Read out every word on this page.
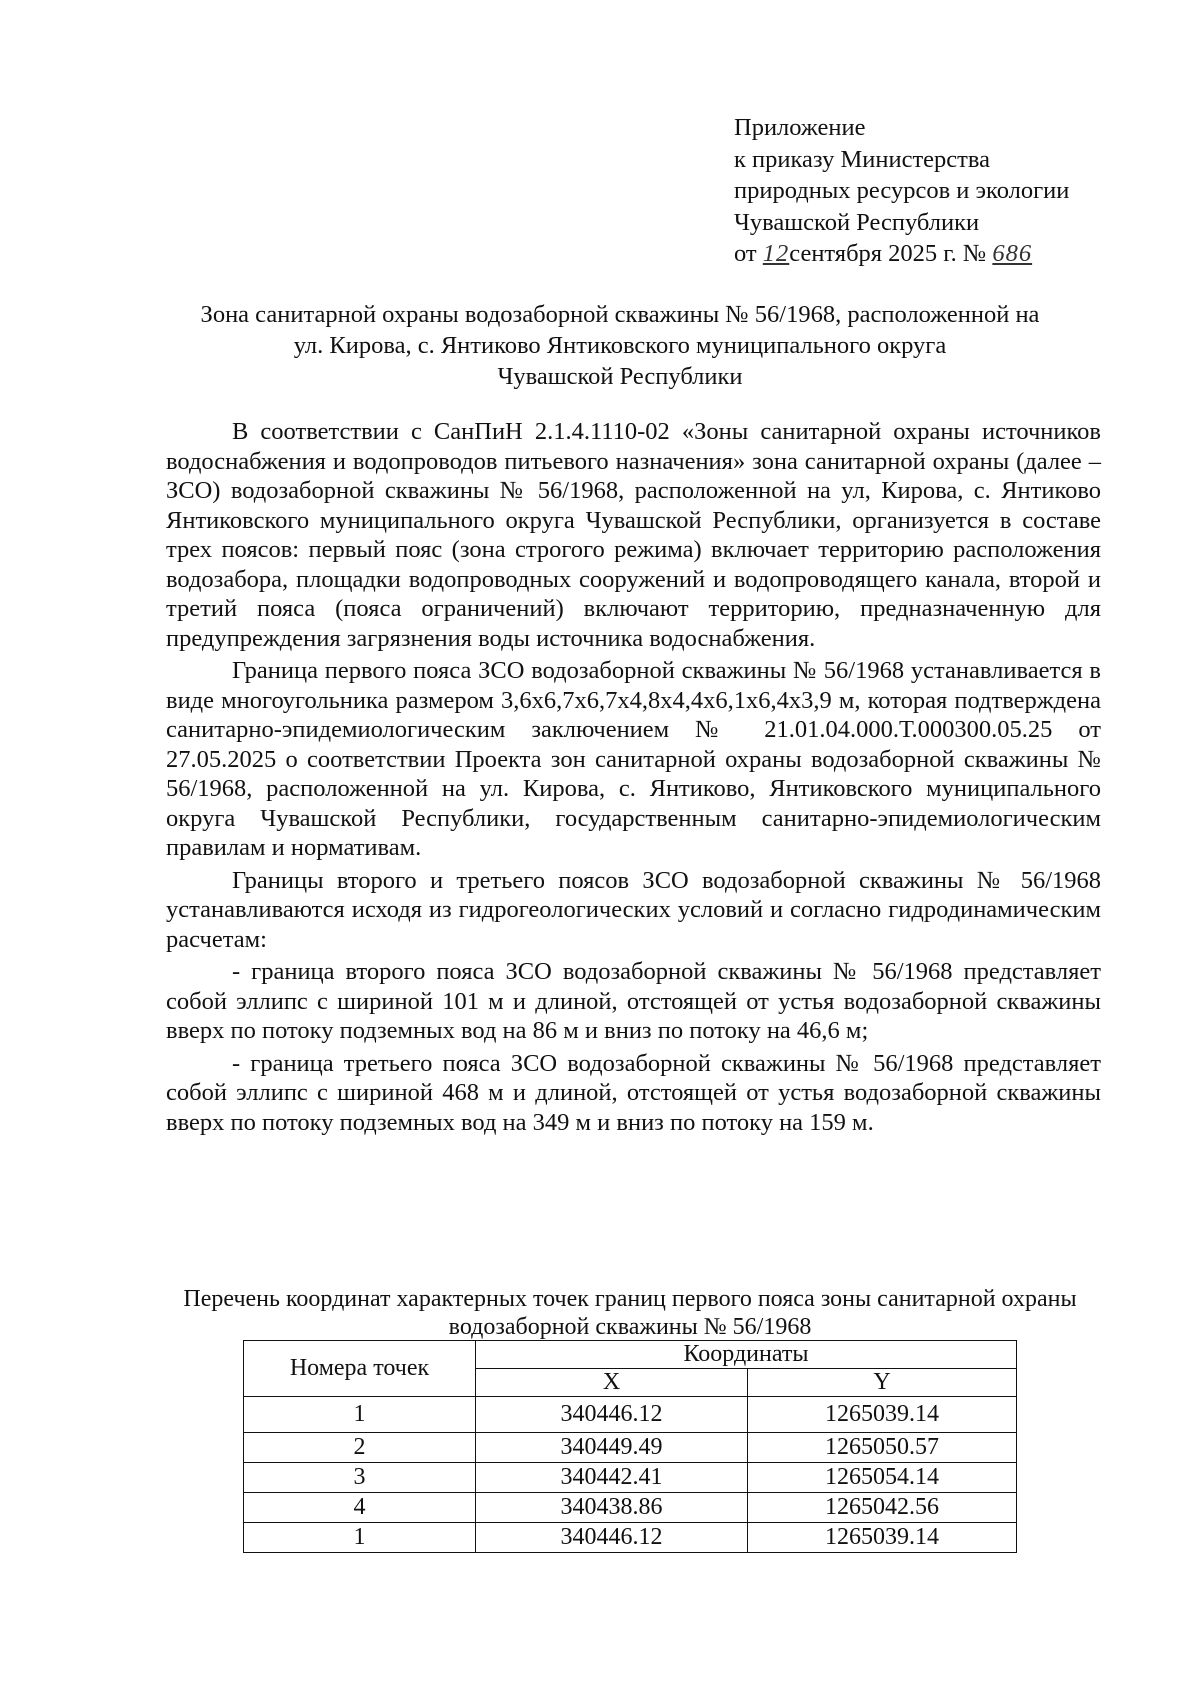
Приложение
к приказу Министерства
природных ресурсов и экологии
Чувашской Республики
от 12сентября 2025 г. № 686
Зона санитарной охраны водозаборной скважины № 56/1968, расположенной на
ул. Кирова, с. Янтиково Янтиковского муниципального округа
Чувашской Республики

В соответствии с СанПиН 2.1.4.1110-02 «Зоны санитарной охраны источников водоснабжения и водопроводов питьевого назначения» зона санитарной охраны (далее – ЗСО) водозаборной скважины № 56/1968, расположенной на ул, Кирова, с. Янтиково Янтиковского муниципального округа Чувашской Республики, организуется в составе трех поясов: первый пояс (зона строгого режима) включает территорию расположения водозабора, площадки водопроводных сооружений и водопроводящего канала, второй и третий пояса (пояса ограничений) включают территорию, предназначенную для предупреждения загрязнения воды источника водоснабжения.

Граница первого пояса ЗСО водозаборной скважины № 56/1968 устанавливается в виде многоугольника размером 3,6х6,7х6,7х4,8х4,4х6,1х6,4х3,9 м, которая подтверждена санитарно-эпидемиологическим заключением № 21.01.04.000.Т.000300.05.25 от 27.05.2025 о соответствии Проекта зон санитарной охраны водозаборной скважины № 56/1968, расположенной на ул. Кирова, с. Янтиково, Янтиковского муниципального округа Чувашской Республики, государственным санитарно-эпидемиологическим правилам и нормативам.

Границы второго и третьего поясов ЗСО водозаборной скважины № 56/1968 устанавливаются исходя из гидрогеологических условий и согласно гидродинамическим расчетам:

- граница второго пояса ЗСО водозаборной скважины № 56/1968 представляет собой эллипс с шириной 101 м и длиной, отстоящей от устья водозаборной скважины вверх по потоку подземных вод на 86 м и вниз по потоку на 46,6 м;

- граница третьего пояса ЗСО водозаборной скважины № 56/1968 представляет собой эллипс с шириной 468 м и длиной, отстоящей от устья водозаборной скважины вверх по потоку подземных вод на 349 м и вниз по потоку на 159 м.

Перечень координат характерных точек границ первого пояса зоны санитарной охраны водозаборной скважины № 56/1968
Номера точек	Координаты	
	X	Y
1	340446.12	1265039.14
2	340449.49	1265050.57
3	340442.41	1265054.14
4	340438.86	1265042.56
1	340446.12	1265039.14
